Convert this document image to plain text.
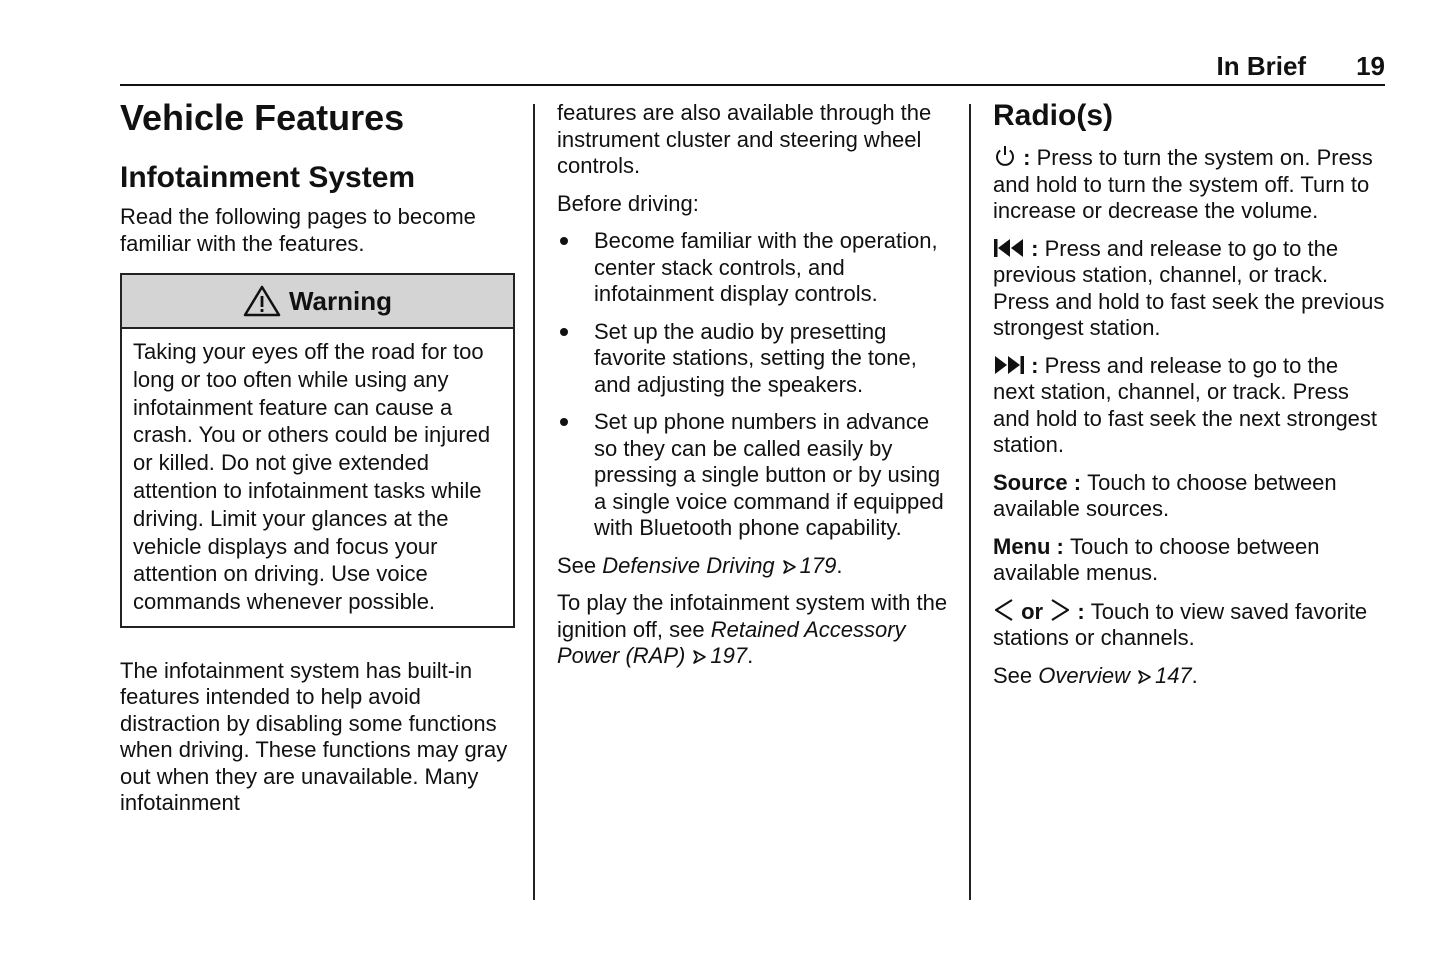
In Brief 19
Vehicle Features
Infotainment System

Read the following pages to become familiar with the features.

Warning
Taking your eyes off the road for too long or too often while using any infotainment feature can cause a crash. You or others could be injured or killed. Do not give extended attention to infotainment tasks while driving. Limit your glances at the vehicle displays and focus your attention on driving. Use voice commands whenever possible.

The infotainment system has built-in features intended to help avoid distraction by disabling some functions when driving. These functions may gray out when they are unavailable. Many infotainment

features are also available through the instrument cluster and steering wheel controls.

Before driving:

Become familiar with the operation, center stack controls, and infotainment display controls.
Set up the audio by presetting favorite stations, setting the tone, and adjusting the speakers.
Set up phone numbers in advance so they can be called easily by pressing a single button or by using a single voice command if equipped with Bluetooth phone capability.

See Defensive Driving 179.

To play the infotainment system with the ignition off, see Retained Accessory Power (RAP) 197.

Radio(s)
: Press to turn the system on. Press and hold to turn the system off. Turn to increase or decrease the volume.
: Press and release to go to the previous station, channel, or track. Press and hold to fast seek the previous strongest station.
: Press and release to go to the next station, channel, or track. Press and hold to fast seek the next strongest station.
Source : Touch to choose between available sources.
Menu : Touch to choose between available menus.
or  : Touch to view saved favorite stations or channels.

See Overview 147.
